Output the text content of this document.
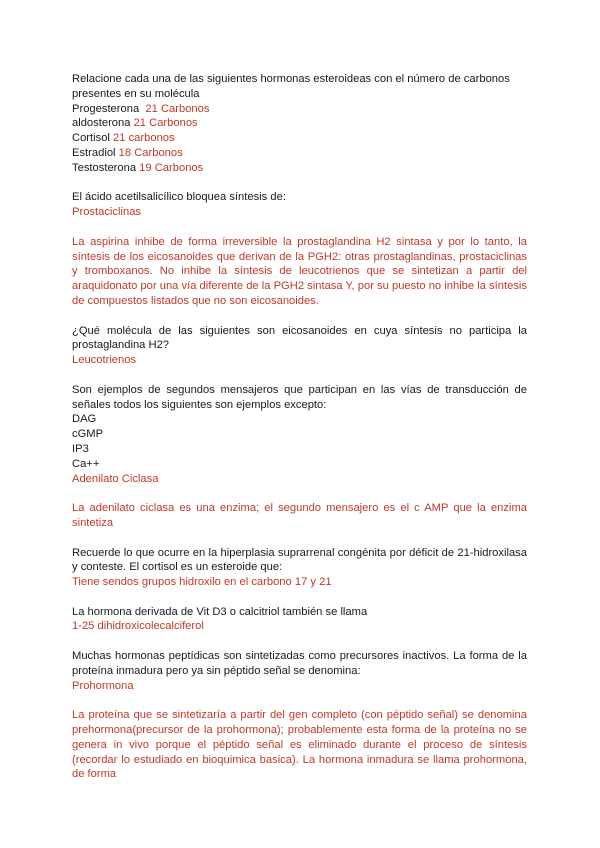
Relacione cada una de las siguientes hormonas esteroideas con el número de carbonos
presentes en su molécula
Progesterona 21 Carbonos
aldosterona 21 Carbonos
Cortisol 21 carbonos
Estradiol 18 Carbonos
Testosterona 19 Carbonos
El ácido acetilsalicílico bloquea síntesis de:
Prostaciclinas
La aspirina inhibe de forma irreversible la prostaglandina H2 sintasa y por lo tanto, la síntesis de los eicosanoides que derivan de la PGH2: otras prostaglandinas, prostaciclinas y tromboxanos. No inhibe la síntesis de leucotrienos que se sintetizan a partir del araquidonato por una vía diferente de la PGH2 sintasa Y, por su puesto no inhibe la síntesis de compuestos listados que no son eicosanoides.
¿Qué molécula de las siguientes son eicosanoides en cuya síntesis no participa la prostaglandina H2?
Leucotrienos
Son ejemplos de segundos mensajeros que participan en las vías de transducción de señales todos los siguientes son ejemplos excepto:
DAG
cGMP
IP3
Ca++
Adenilato Ciclasa
La adenilato ciclasa es una enzima; el segundo mensajero es el c AMP que la enzima sintetiza
Recuerde lo que ocurre en la hiperplasia suprarrenal congénita por déficit de 21-hidroxilasa y conteste. El cortisol es un esteroide que:
Tiene sendos grupos hidroxilo en el carbono 17 y 21
La hormona derivada de Vit D3 o calcitriol también se llama
1-25 dihidroxicolecalciferol
Muchas hormonas peptídicas son sintetizadas como precursores inactivos. La forma de la proteína inmadura pero ya sin péptido señal se denomina:
Prohormona
La proteína que se sintetizaría a partir del gen completo (con péptido señal) se denomina prehormona(precursor de la prohormona); probablemente esta forma de la proteína no se genera in vivo porque el péptido señal es eliminado durante el proceso de síntesis (recordar lo estudiado en bioquimica basica). La hormona inmadura se llama prohormona, de forma
